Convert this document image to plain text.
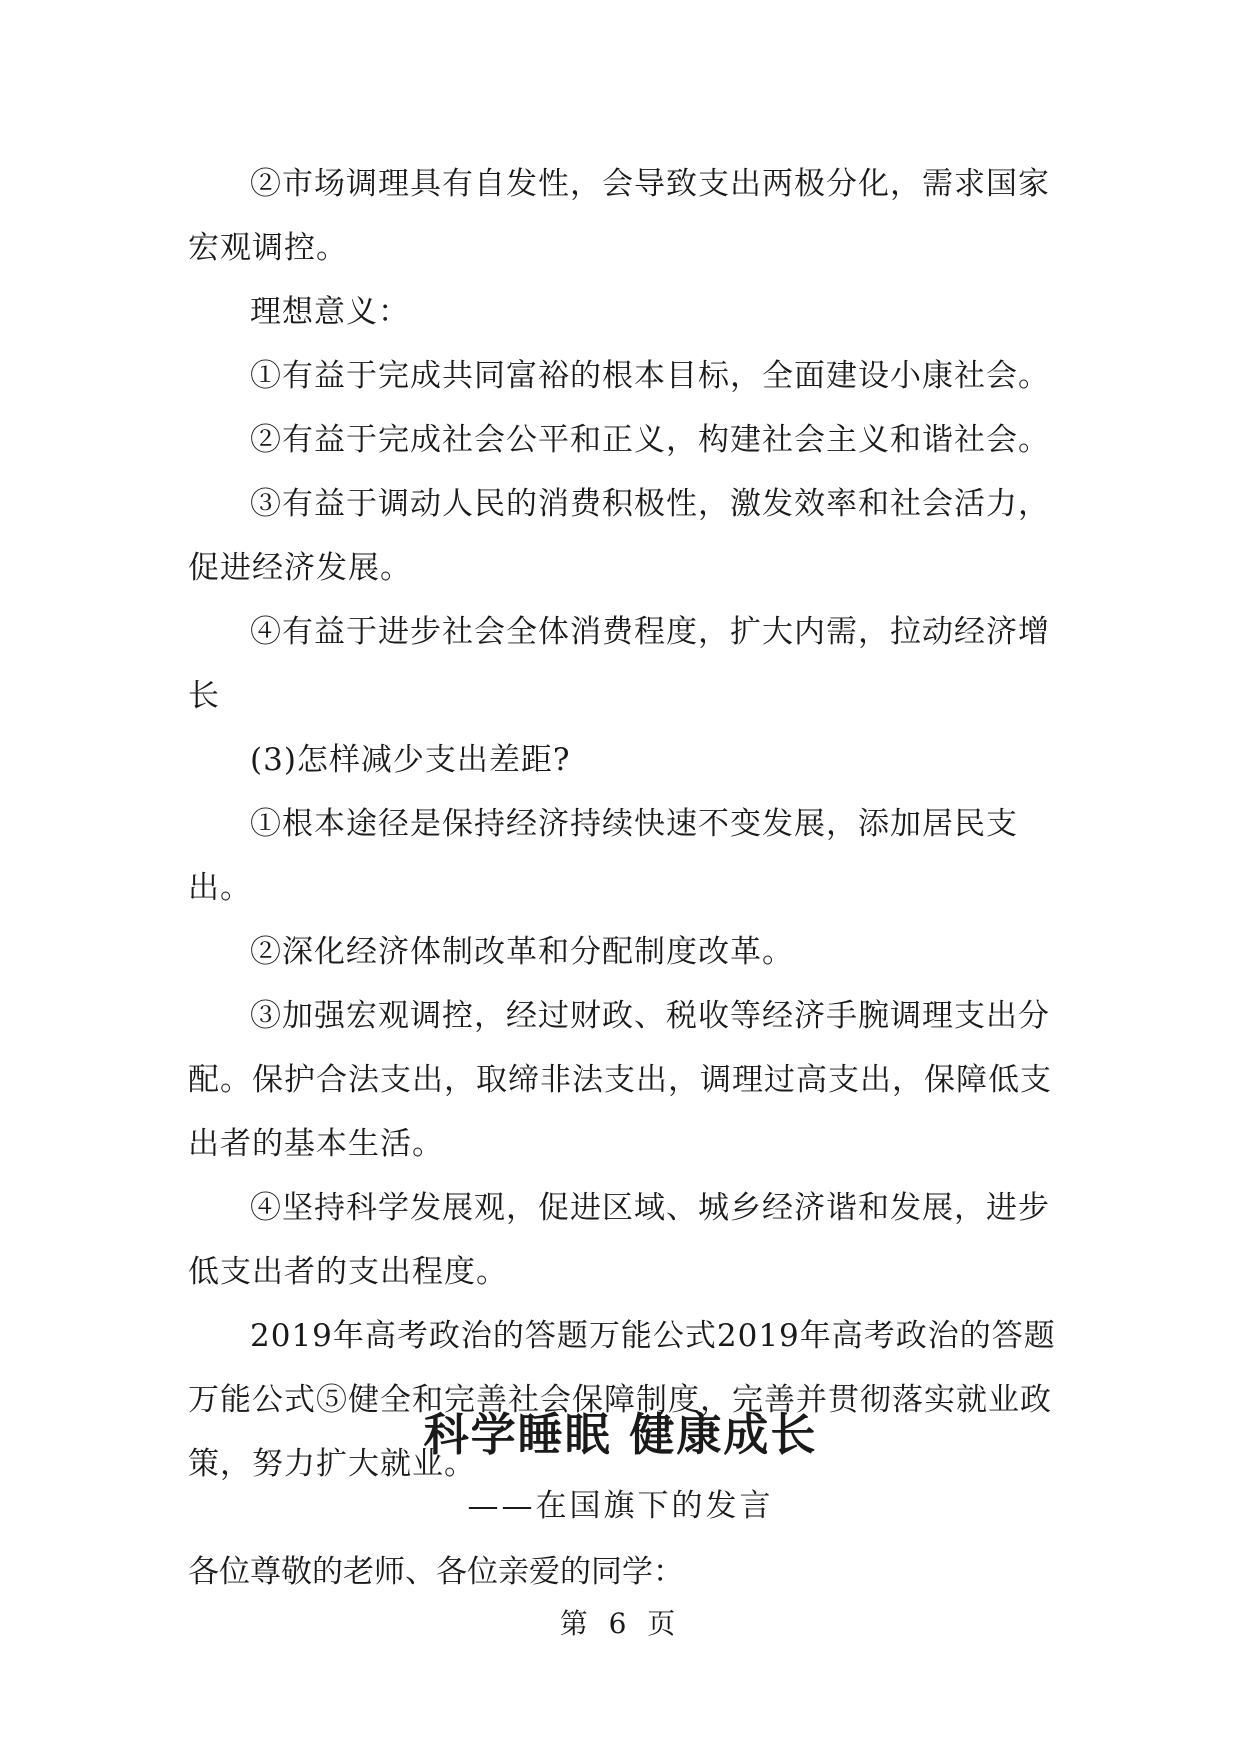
②市场调理具有自发性，会导致支出两极分化，需求国家宏观调控。

理想意义：

①有益于完成共同富裕的根本目标，全面建设小康社会。

②有益于完成社会公平和正义，构建社会主义和谐社会。

③有益于调动人民的消费积极性，激发效率和社会活力，促进经济发展。

④有益于进步社会全体消费程度，扩大内需，拉动经济增长

(3)怎样减少支出差距?

①根本途径是保持经济持续快速不变发展，添加居民支出。

②深化经济体制改革和分配制度改革。

③加强宏观调控，经过财政、税收等经济手腕调理支出分配。保护合法支出，取缔非法支出，调理过高支出，保障低支出者的基本生活。

④坚持科学发展观，促进区域、城乡经济谐和发展，进步低支出者的支出程度。

2019年高考政治的答题万能公式2019年高考政治的答题万能公式⑤健全和完善社会保障制度，完善并贯彻落实就业政策，努力扩大就业。

科学睡眠 健康成长
——在国旗下的发言
各位尊敬的老师、各位亲爱的同学：
第 6 页
